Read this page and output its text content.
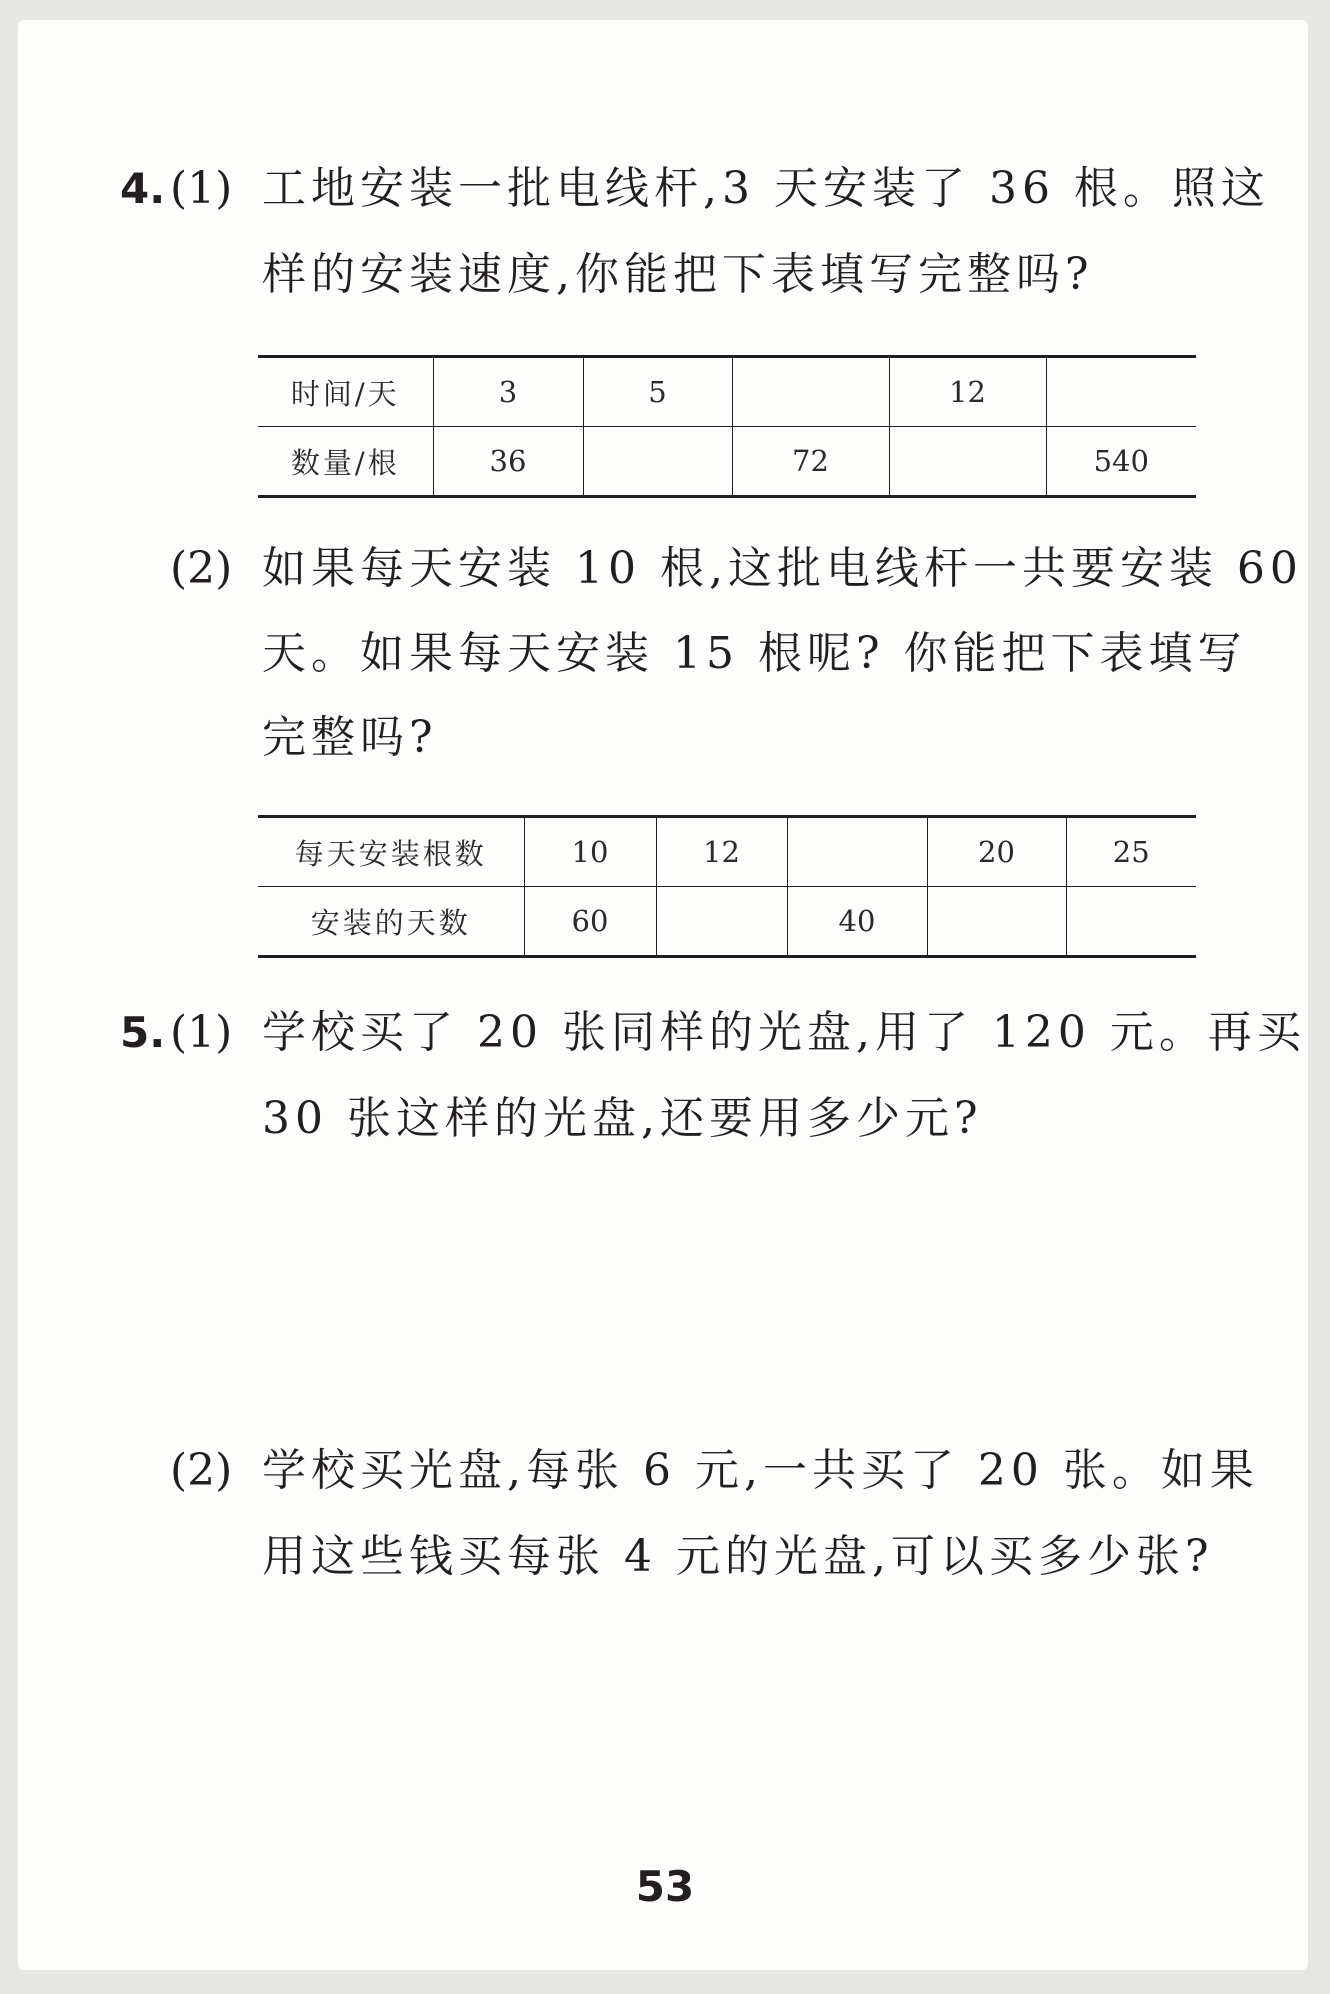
4. (1) 工地安装一批电线杆,3 天安装了 36 根。照这
样的安装速度,你能把下表填写完整吗?
时间/天	3	5		12	
数量/根	36		72		540
(2) 如果每天安装 10 根,这批电线杆一共要安装 60
天。如果每天安装 15 根呢? 你能把下表填写
完整吗?
每天安装根数	10	12		20	25
安装的天数	60		40		
5. (1) 学校买了 20 张同样的光盘,用了 120 元。再买
30 张这样的光盘,还要用多少元?
(2) 学校买光盘,每张 6 元,一共买了 20 张。如果
用这些钱买每张 4 元的光盘,可以买多少张?
53
